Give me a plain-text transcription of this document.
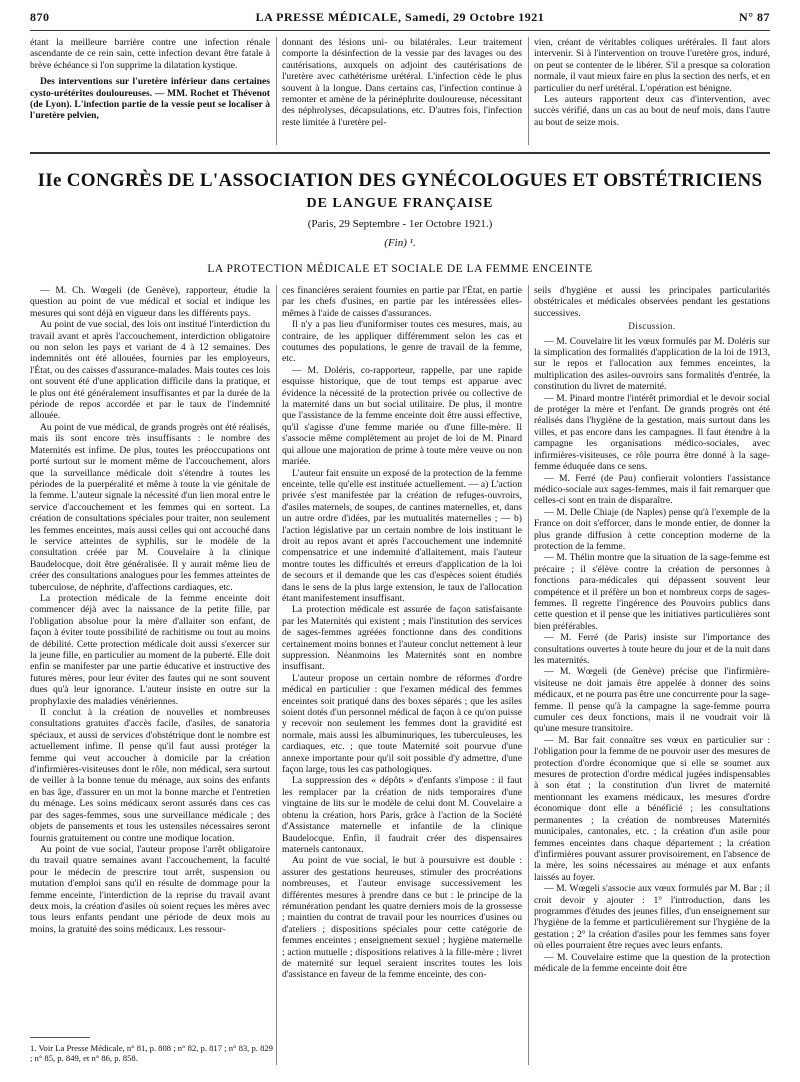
870	LA PRESSE MÉDICALE, Samedi, 29 Octobre 1921	N° 87

étant la meilleure barrière contre une infection rénale ascendante de ce rein sain, cette infection devant être fatale à brève échéance si l'on supprime la dilatation kystique.

Des interventions sur l'uretère inférieur dans certaines cysto-urétérites douloureuses. — MM. Rochet et Thévenot (de Lyon). L'infection partie de la vessie peut se localiser à l'uretère pelvien,

donnant des lésions uni- ou bilatérales. Leur traitement comporte la désinfection de la vessie par des lavages ou des cautérisations, auxquels on adjoint des cautérisations de l'uretère avec cathétérisme urétéral. L'infection cède le plus souvent à la longue. Dans certains cas, l'infection continue à remonter et amène de la périnéphrite douloureuse, nécessitant des néphrolyses, décapsulations, etc. D'autres fois, l'infection reste limitée à l'uretère pel-

vien, créant de véritables coliques urétérales. Il faut alors intervenir. Si à l'intervention on trouve l'uretère gros, induré, on peut se contenter de le libérer. S'il a presque sa coloration normale, il vaut mieux faire en plus la section des nerfs, et en particulier du nerf urétéral. L'opération est bénigne.

Les auteurs rapportent deux cas d'intervention, avec succès vérifié, dans un cas au bout de neuf mois, dans l'autre au bout de seize mois.

IIe CONGRÈS DE L'ASSOCIATION DES GYNÉCOLOGUES ET OBSTÉTRICIENS
DE LANGUE FRANÇAISE
(Paris, 29 Septembre - 1er Octobre 1921.)
(Fin) ¹.
LA PROTECTION MÉDICALE ET SOCIALE DE LA FEMME ENCEINTE

— M. Ch. Wœgeli (de Genève), rapporteur, étudie la question au point de vue médical et social et indique les mesures qui sont déjà en vigueur dans les différents pays.

Au point de vue social, des lois ont institué l'interdiction du travail avant et après l'accouchement, interdiction obligatoire ou non selon les pays et variant de 4 à 12 semaines. Des indemnités ont été allouées, fournies par les employeurs, l'État, ou des caisses d'assurance-malades. Mais toutes ces lois ont souvent été d'une application difficile dans la pratique, et le plus ont été généralement insuffisantes et par la durée de la période de repos accordée et par le taux de l'indemnité allouée.

Au point de vue médical, de grands progrès ont été réalisés, mais ils sont encore très insuffisants : le nombre des Maternités est infime. De plus, toutes les préoccupations ont porté surtout sur le moment même de l'accouchement, alors que la surveillance médicale doit s'étendre à toutes les périodes de la puerpéralité et même à toute la vie génitale de la femme. L'auteur signale la nécessité d'un lien moral entre le service d'accouchement et les femmes qui en sortent. La création de consultations spéciales pour traiter, non seulement les femmes enceintes, mais aussi celles qui ont accouché dans le service atteintes de syphilis, sur le modèle de la consultation créée par M. Couvelaire à la clinique Baudelocque, doit être généralisée. Il y aurait même lieu de créer des consultations analogues pour les femmes atteintes de tuberculose, de néphrite, d'affections cardiaques, etc.

La protection médicale de la femme enceinte doit commencer déjà avec la naissance de la petite fille, par l'obligation absolue pour la mère d'allaiter son enfant, de façon à éviter toute possibilité de rachitisme ou tout au moins de débilité. Cette protection médicale doit aussi s'exercer sur la jeune fille, en particulier au moment de la puberté. Elle doit enfin se manifester par une partie éducative et instructive des futures mères, pour leur éviter des fautes qui ne sont souvent dues qu'à leur ignorance. L'auteur insiste en outre sur la prophylaxie des maladies vénériennes.

Il conclut à la création de nouvelles et nombreuses consultations gratuites d'accès facile, d'asiles, de sanatoria spéciaux, et aussi de services d'obstétrique dont le nombre est actuellement infime. Il pense qu'il faut aussi protéger la femme qui veut accoucher à domicile par la création d'infirmières-visiteuses dont le rôle, non médical, sera surtout de veiller à la bonne tenue du ménage, aux soins des enfants en bas âge, d'assurer en un mot la bonne marche et l'entretien du ménage. Les soins médicaux seront assurés dans ces cas par des sages-femmes, sous une surveillance médicale ; des objets de pansements et tous les ustensiles nécessaires seront fournis gratuitement ou contre une modique location.

Au point de vue social, l'auteur propose l'arrêt obligatoire du travail quatre semaines avant l'accouchement, la faculté pour le médecin de prescrire tout arrêt, suspension ou mutation d'emploi sans qu'il en résulte de dommage pour la femme enceinte, l'interdiction de la reprise du travail avant deux mois, la création d'asiles où soient reçues les mères avec tous leurs enfants pendant une période de deux mois au moins, la gratuité des soins médicaux. Les ressour-

ces financières seraient fournies en partie par l'État, en partie par les chefs d'usines, en partie par les intéressées elles-mêmes à l'aide de caisses d'assurances.

Il n'y a pas lieu d'uniformiser toutes ces mesures, mais, au contraire, de les appliquer différemment selon les cas et coutumes des populations, le genre de travail de la femme, etc.

— M. Doléris, co-rapporteur, rappelle, par une rapide esquisse historique, que de tout temps est apparue avec évidence la nécessité de la protection privée ou collective de la maternité dans un but social utilitaire. De plus, il montre que l'assistance de la femme enceinte doit être aussi effective, qu'il s'agisse d'une femme mariée ou d'une fille-mère. Il s'associe même complètement au projet de loi de M. Pinard qui alloue une majoration de prime à toute mère veuve ou non mariée.

L'auteur fait ensuite un exposé de la protection de la femme enceinte, telle qu'elle est instituée actuellement. — a) L'action privée s'est manifestée par la création de refuges-ouvroirs, d'asiles maternels, de soupes, de cantines maternelles, et, dans un autre ordre d'idées, par les mutualités maternelles ; — b) l'action législative par un certain nombre de lois instituant le droit au repos avant et après l'accouchement une indemnité compensatrice et une indemnité d'allaitement, mais l'auteur montre toutes les difficultés et erreurs d'application de la loi de secours et il demande que les cas d'espèces soient étudiés dans le sens de la plus large extension, le taux de l'allocation étant manifestement insuffisant.

La protection médicale est assurée de façon satisfaisante par les Maternités qui existent ; mais l'institution des services de sages-femmes agréées fonctionne dans des conditions certainement moins bonnes et l'auteur conclut nettement à leur suppression. Néanmoins les Maternités sont en nombre insuffisant.

L'auteur propose un certain nombre de réformes d'ordre médical en particulier : que l'examen médical des femmes enceintes soit pratiqué dans des boxes séparés ; que les asiles soient dotés d'un personnel médical de façon à ce qu'on puisse y recevoir non seulement les femmes dont la gravidité est normale, mais aussi les albuminuriques, les tuberculeuses, les cardiaques, etc. ; que toute Maternité soit pourvue d'une annexe importante pour qu'il soit possible d'y admettre, d'une façon large, tous les cas pathologiques.

La suppression des « dépôts » d'enfants s'impose : il faut les remplacer par la création de nids temporaires d'une vingtaine de lits sur le modèle de celui dont M. Couvelaire a obtenu la création, hors Paris, grâce à l'action de la Société d'Assistance maternelle et infantile de la clinique Baudelocque. Enfin, il faudrait créer des dispensaires maternels cantonaux.

Au point de vue social, le but à poursuivre est double : assurer des gestations heureuses, stimuler des procréations nombreuses, et l'auteur envisage successivement les différentes mesures à prendre dans ce but : le principe de la rémunération pendant les quatre derniers mois de la grossesse ; maintien du contrat de travail pour les nourrices d'usines ou d'ateliers ; dispositions spéciales pour cette catégorie de femmes enceintes ; enseignement sexuel ; hygiène maternelle ; action mutuelle ; dispositions relatives à la fille-mère ; livret de maternité sur lequel seraient inscrites toutes les lois d'assistance en faveur de la femme enceinte, des con-

seils d'hygiène et aussi les principales particularités obstétricales et médicales observées pendant les gestations successives.

Discussion.

— M. Couvelaire lit les vœux formulés par M. Doléris sur la simplication des formalités d'application de la loi de 1913, sur le repos et l'allocation aux femmes enceintes, la multiplication des asiles-ouvroirs sans formalités d'entrée, la constitution du livret de maternité.

— M. Pinard montre l'intérêt primordial et le devoir social de protéger la mère et l'enfant. De grands progrès ont été réalisés dans l'hygiène de la gestation, mais surtout dans les villes, et pas encore dans les campagnes. Il faut étendre à la campagne les organisations médico-sociales, avec infirmières-visiteuses, ce rôle pourra être donné à la sage-femme éduquée dans ce sens.

— M. Ferré (de Pau) confierait volontiers l'assistance médico-sociale aux sages-femmes, mais il fait remarquer que celles-ci sont en train de disparaître.

— M. Delle Chiaje (de Naples) pense qu'à l'exemple de la France on doit s'efforcer, dans le monde entier, de donner la plus grande diffusion à cette conception moderne de la protection de la femme.

— M. Thélin montre que la situation de la sage-femme est précaire ; il s'élève contre la création de personnes à fonctions para-médicales qui dépassent souvent leur compétence et il préfère un bon et nombreux corps de sages-femmes. Il regrette l'ingérence des Pouvoirs publics dans cette question et il pense que les initiatives particulières sont bien préférables.

— M. Ferré (de Paris) insiste sur l'importance des consultations ouvertes à toute heure du jour et de la nuit dans les maternités.

— M. Wœgeli (de Genève) précise que l'infirmière-visiteuse ne doit jamais être appelée à donner des soins médicaux, et ne pourra pas être une concurrente pour la sage-femme. Il pense qu'à la campagne la sage-femme pourra cumuler ces deux fonctions, mais il ne voudrait voir là qu'une mesure transitoire.

— M. Bar fait connaître ses vœux en particulier sur : l'obligation pour la femme de ne pouvoir user des mesures de protection d'ordre économique que si elle se soumet aux mesures de protection d'ordre médical jugées indispensables à son état ; la constitution d'un livret de maternité mentionnant les examens médicaux, les mesures d'ordre économique dont elle a bénéficié ; les consultations permanentes ; la création de nombreuses Maternités municipales, cantonales, etc. ; la création d'un asile pour femmes enceintes dans chaque département ; la création d'infirmières pouvant assurer provisoirement, en l'absence de la mère, les soins nécessaires au ménage et aux enfants laissés au foyer.

— M. Wœgeli s'associe aux vœux formulés par M. Bar ; il croit devoir y ajouter : 1° l'introduction, dans les programmes d'études des jeunes filles, d'un enseignement sur l'hygiène de la femme et particulièrement sur l'hygiène de la gestation ; 2° la création d'asiles pour les femmes sans foyer où elles pourraient être reçues avec leurs enfants.

— M. Couvelaire estime que la question de la protection médicale de la femme enceinte doit être

1. Voir La Presse Médicale, n° 81, p. 808 ; n° 82, p. 817 ; n° 83, p. 829 ; n° 85, p. 849, et n° 86, p. 858.
